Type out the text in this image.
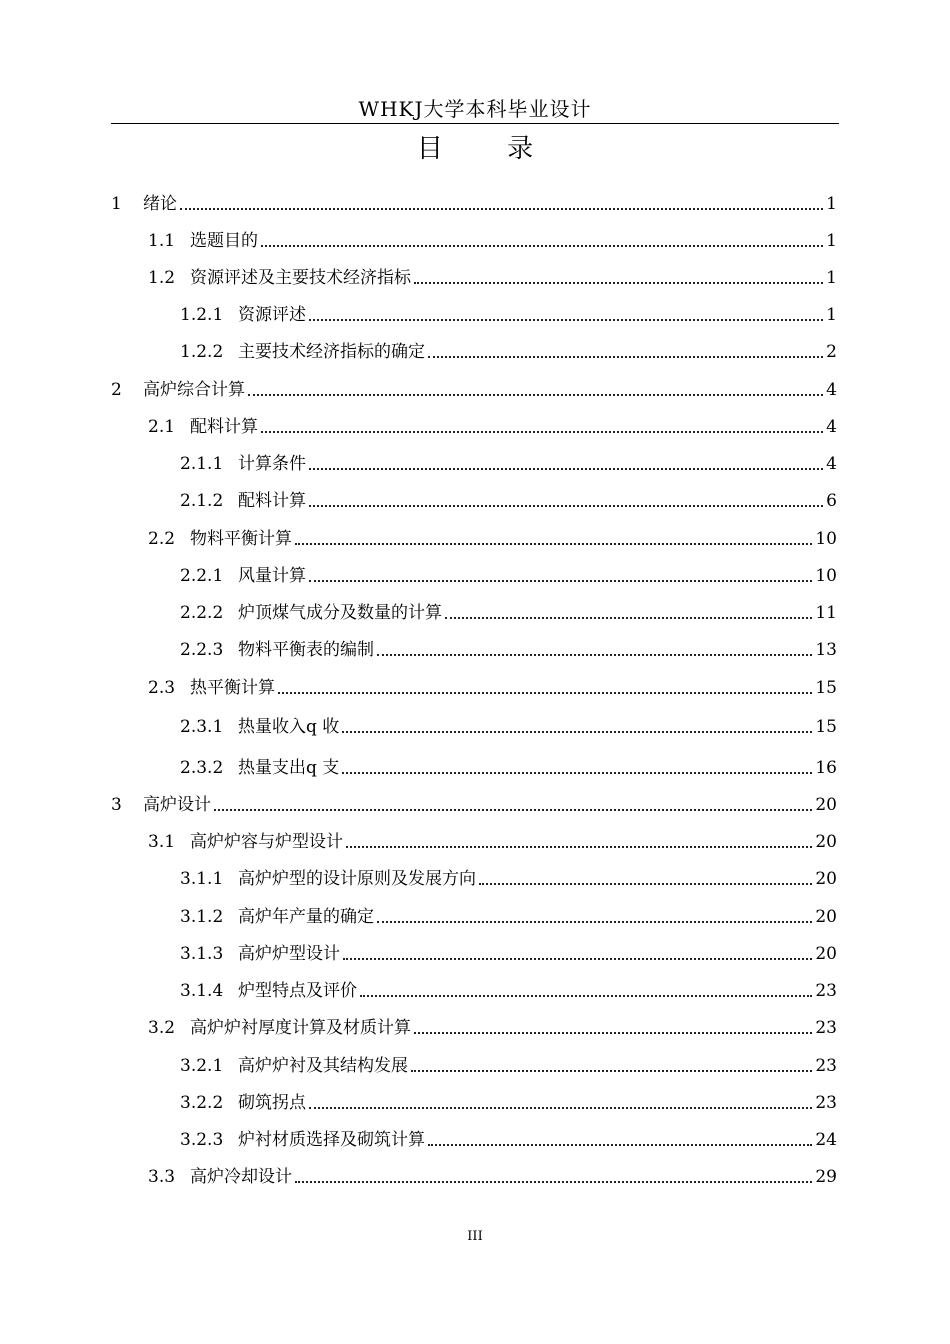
WHKJ大学本科毕业设计
目 录
1	绪论	1
1.1 选题目的	1
1.2 资源评述及主要技术经济指标	1
1.2.1 资源评述	1
1.2.2 主要技术经济指标的确定	2
2	高炉综合计算	4
2.1 配料计算	4
2.1.1 计算条件	4
2.1.2 配料计算	6
2.2 物料平衡计算	10
2.2.1 风量计算	10
2.2.2 炉顶煤气成分及数量的计算	11
2.2.3 物料平衡表的编制	13
2.3 热平衡计算	15
2.3.1 热量收入q 收	15
2.3.2 热量支出q 支	16
3	高炉设计	20
3.1 高炉炉容与炉型设计	20
3.1.1 高炉炉型的设计原则及发展方向	20
3.1.2 高炉年产量的确定	20
3.1.3 高炉炉型设计	20
3.1.4 炉型特点及评价	23
3.2 高炉炉衬厚度计算及材质计算	23
3.2.1 高炉炉衬及其结构发展	23
3.2.2 砌筑拐点	23
3.2.3 炉衬材质选择及砌筑计算	24
3.3 高炉冷却设计	29
III
